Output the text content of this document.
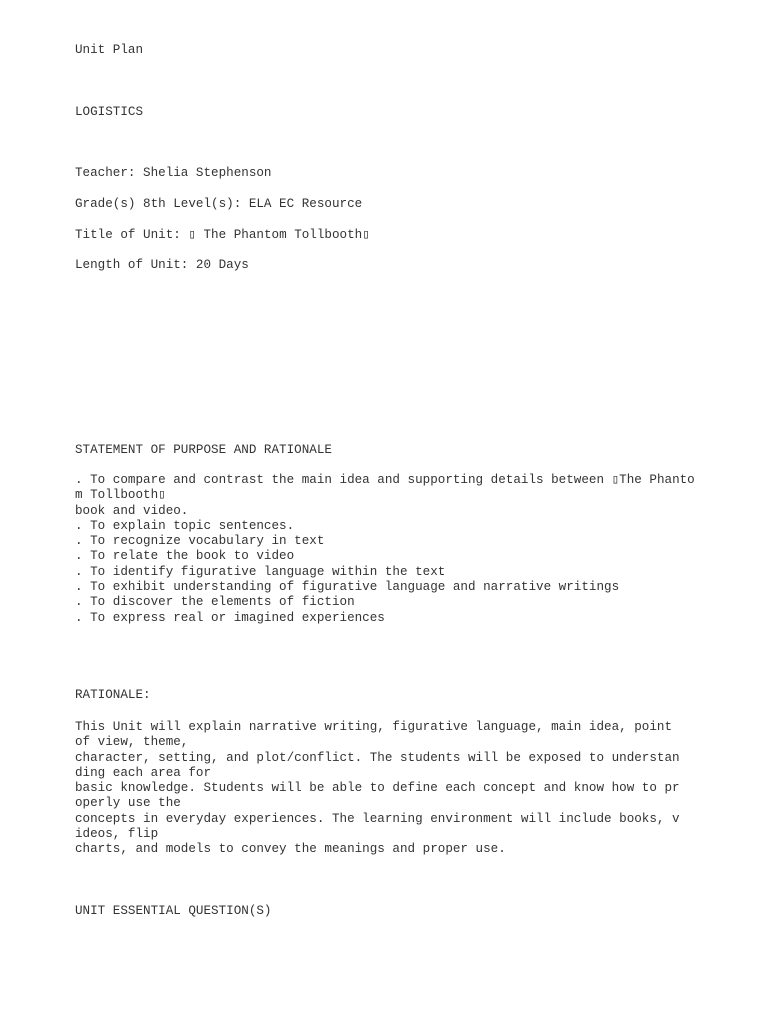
Unit Plan

LOGISTICS

Teacher: Shelia Stephenson

Grade(s) 8th Level(s): ELA EC Resource

Title of Unit: ▯ The Phantom Tollbooth▯

Length of Unit: 20 Days

STATEMENT OF PURPOSE AND RATIONALE

. To compare and contrast the main idea and supporting details between ▯The Phanto
m Tollbooth▯
book and video.
. To explain topic sentences.
. To recognize vocabulary in text
. To relate the book to video
. To identify figurative language within the text
. To exhibit understanding of figurative language and narrative writings
. To discover the elements of fiction
. To express real or imagined experiences

RATIONALE:

This Unit will explain narrative writing, figurative language, main idea, point
of view, theme,
character, setting, and plot/conflict. The students will be exposed to understan
ding each area for
basic knowledge. Students will be able to define each concept and know how to pr
operly use the
concepts in everyday experiences. The learning environment will include books, v
ideos, flip
charts, and models to convey the meanings and proper use.

UNIT ESSENTIAL QUESTION(S)
